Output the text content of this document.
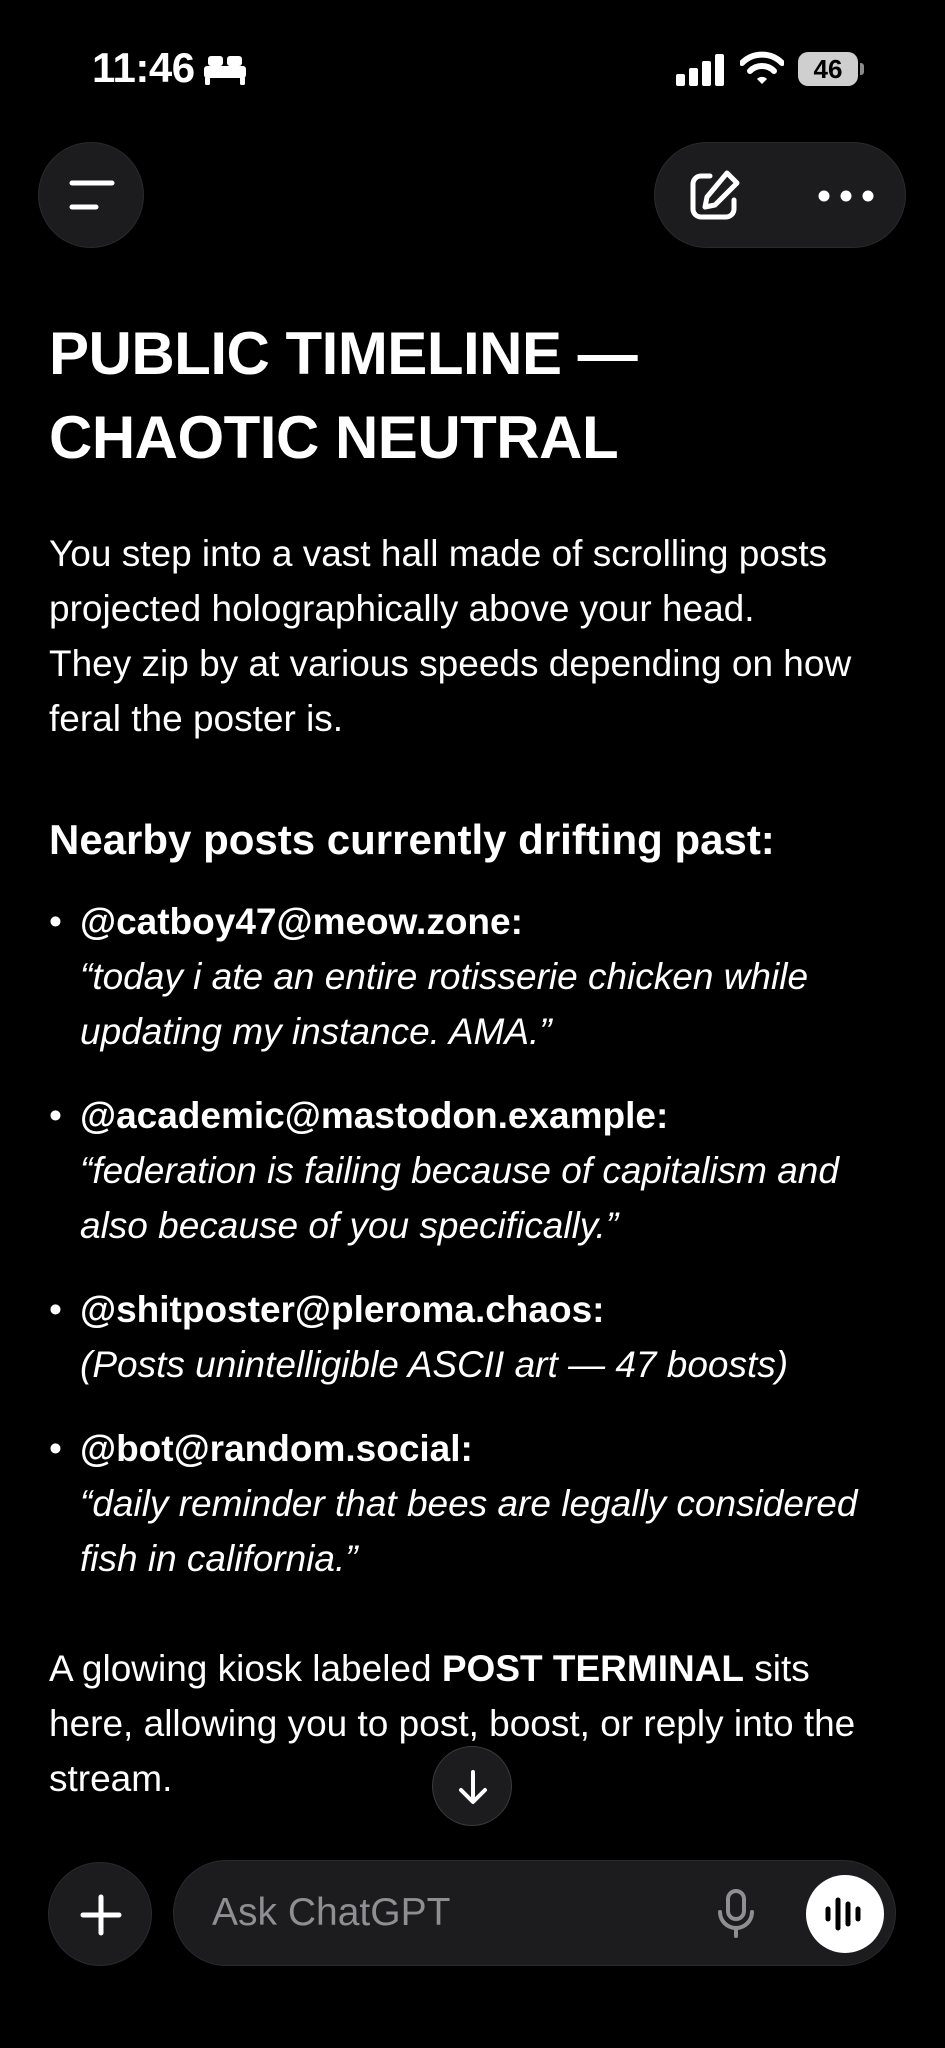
11:46	46
PUBLIC TIMELINE — CHAOTIC NEUTRAL

You step into a vast hall made of scrolling posts projected holographically above your head.

They zip by at various speeds depending on how feral the poster is.

Nearby posts currently drifting past:
• @catboy47@meow.zone:
“today i ate an entire rotisserie chicken while updating my instance. AMA.”
• @academic@mastodon.example:
“federation is failing because of capitalism and also because of you specifically.”
• @shitposter@pleroma.chaos:
(Posts unintelligible ASCII art — 47 boosts)
• @bot@random.social:
“daily reminder that bees are legally considered fish in california.”

A glowing kiosk labeled POST TERMINAL sits here, allowing you to post, boost, or reply into the stream.

Ask ChatGPT
